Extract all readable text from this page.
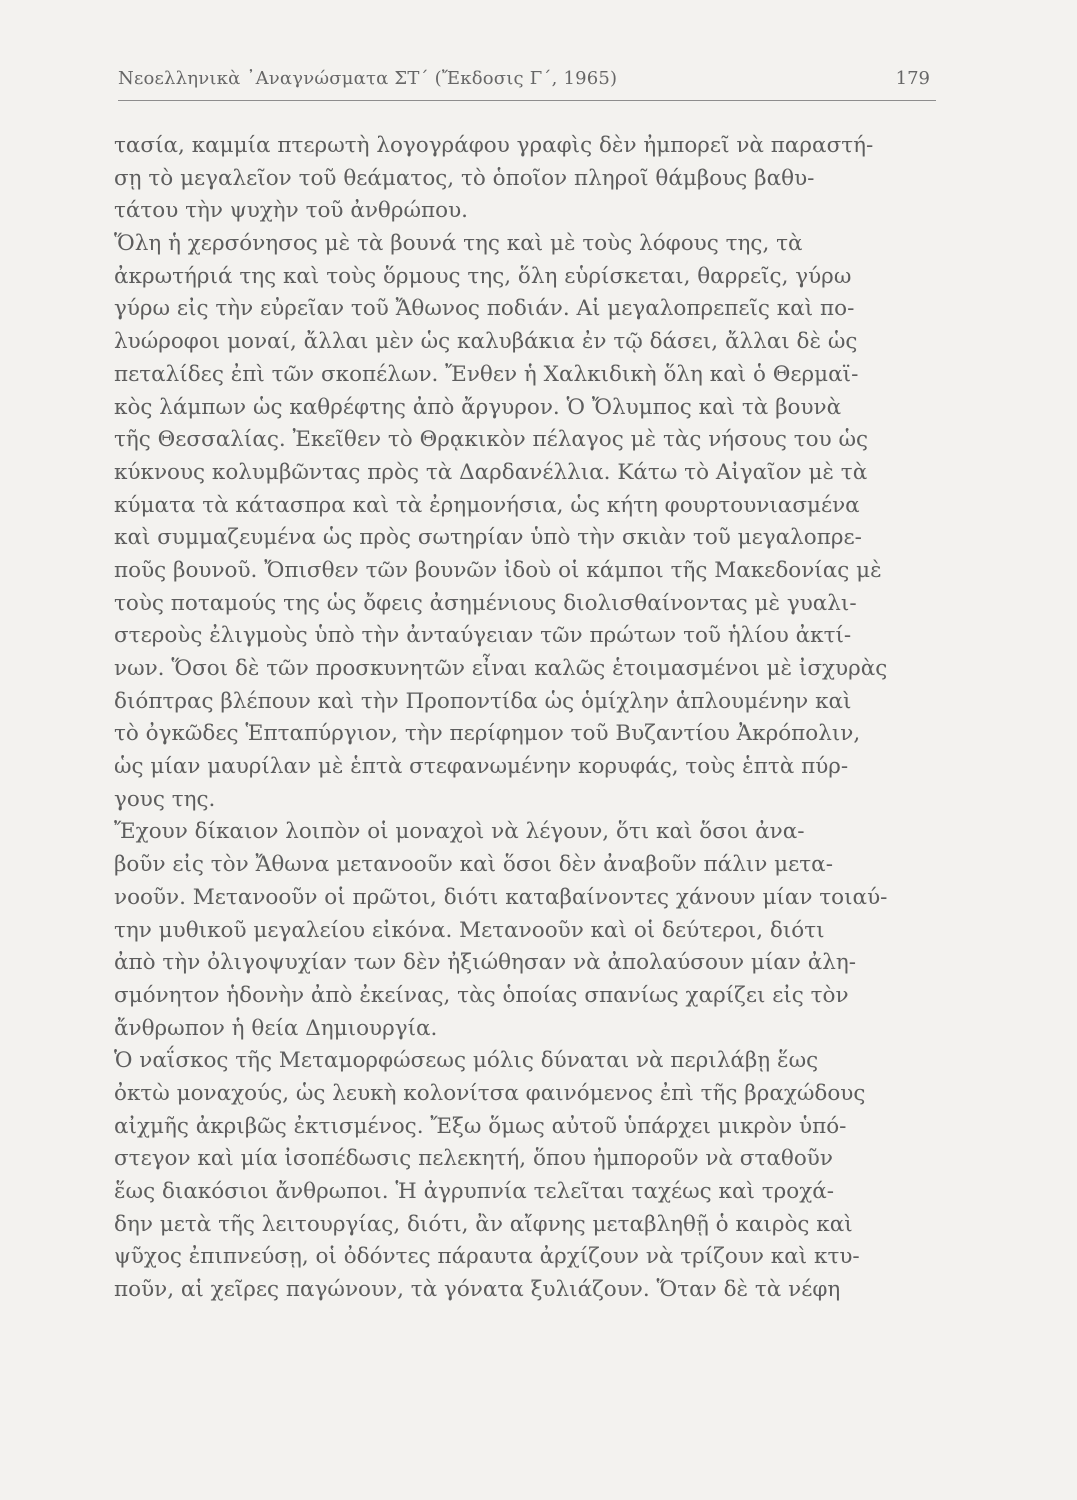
Νεοελληνικὰ ᾿Αναγνώσματα ΣΤ΄ (Ἔκδοσις Γ΄, 1965)	179
τασία, καμμία πτερωτὴ λογογράφου γραφὶς δὲν ἠμπορεῖ νὰ παραστή-
σῃ τὸ μεγαλεῖον τοῦ θεάματος, τὸ ὁποῖον πληροῖ θάμβους βαθυ-
τάτου τὴν ψυχὴν τοῦ ἀνθρώπου.
Ὅλη ἡ χερσόνησος μὲ τὰ βουνά της καὶ μὲ τοὺς λόφους της, τὰ
ἀκρωτήριά της καὶ τοὺς ὅρμους της, ὅλη εὑρίσκεται, θαρρεῖς, γύρω
γύρω εἰς τὴν εὐρεῖαν τοῦ Ἄθωνος ποδιάν. Αἱ μεγαλοπρεπεῖς καὶ πο-
λυώροφοι μοναί, ἄλλαι μὲν ὡς καλυβάκια ἐν τῷ δάσει, ἄλλαι δὲ ὡς
πεταλίδες ἐπὶ τῶν σκοπέλων. Ἔνθεν ἡ Χαλκιδικὴ ὅλη καὶ ὁ Θερμαϊ-
κὸς λάμπων ὡς καθρέφτης ἀπὸ ἄργυρον. Ὁ Ὄλυμπος καὶ τὰ βουνὰ
τῆς Θεσσαλίας. Ἐκεῖθεν τὸ Θρᾳκικὸν πέλαγος μὲ τὰς νήσους του ὡς
κύκνους κολυμβῶντας πρὸς τὰ Δαρδανέλλια. Κάτω τὸ Αἰγαῖον μὲ τὰ
κύματα τὰ κάτασπρα καὶ τὰ ἐρημονήσια, ὡς κήτη φουρτουνιασμένα
καὶ συμμαζευμένα ὡς πρὸς σωτηρίαν ὑπὸ τὴν σκιὰν τοῦ μεγαλοπρε-
ποῦς βουνοῦ. Ὄπισθεν τῶν βουνῶν ἰδοὺ οἱ κάμποι τῆς Μακεδονίας μὲ
τοὺς ποταμούς της ὡς ὄφεις ἀσημένιους διολισθαίνοντας μὲ γυαλι-
στεροὺς ἐλιγμοὺς ὑπὸ τὴν ἀνταύγειαν τῶν πρώτων τοῦ ἡλίου ἀκτί-
νων. Ὅσοι δὲ τῶν προσκυνητῶν εἶναι καλῶς ἑτοιμασμένοι μὲ ἰσχυρὰς
διόπτρας βλέπουν καὶ τὴν Προποντίδα ὡς ὁμίχλην ἁπλουμένην καὶ
τὸ ὀγκῶδες Ἑπταπύργιον, τὴν περίφημον τοῦ Βυζαντίου Ἀκρόπολιν,
ὡς μίαν μαυρίλαν μὲ ἑπτὰ στεφανωμένην κορυφάς, τοὺς ἑπτὰ πύρ-
γους της.
Ἔχουν δίκαιον λοιπὸν οἱ μοναχοὶ νὰ λέγουν, ὅτι καὶ ὅσοι ἀνα-
βοῦν εἰς τὸν Ἄθωνα μετανοοῦν καὶ ὅσοι δὲν ἀναβοῦν πάλιν μετα-
νοοῦν. Μετανοοῦν οἱ πρῶτοι, διότι καταβαίνοντες χάνουν μίαν τοιαύ-
την μυθικοῦ μεγαλείου εἰκόνα. Μετανοοῦν καὶ οἱ δεύτεροι, διότι
ἀπὸ τὴν ὀλιγοψυχίαν των δὲν ἠξιώθησαν νὰ ἀπολαύσουν μίαν ἀλη-
σμόνητον ἡδονὴν ἀπὸ ἐκείνας, τὰς ὁποίας σπανίως χαρίζει εἰς τὸν
ἄνθρωπον ἡ θεία Δημιουργία.
Ὁ ναΐσκος τῆς Μεταμορφώσεως μόλις δύναται νὰ περιλάβῃ ἕως
ὀκτὼ μοναχούς, ὡς λευκὴ κολονίτσα φαινόμενος ἐπὶ τῆς βραχώδους
αἰχμῆς ἀκριβῶς ἐκτισμένος. Ἔξω ὅμως αὐτοῦ ὑπάρχει μικρὸν ὑπό-
στεγον καὶ μία ἰσοπέδωσις πελεκητή, ὅπου ἠμποροῦν νὰ σταθοῦν
ἕως διακόσιοι ἄνθρωποι. Ἡ ἀγρυπνία τελεῖται ταχέως καὶ τροχά-
δην μετὰ τῆς λειτουργίας, διότι, ἂν αἴφνης μεταβληθῇ ὁ καιρὸς καὶ
ψῦχος ἐπιπνεύσῃ, οἱ ὀδόντες πάραυτα ἀρχίζουν νὰ τρίζουν καὶ κτυ-
ποῦν, αἱ χεῖρες παγώνουν, τὰ γόνατα ξυλιάζουν. Ὅταν δὲ τὰ νέφη
